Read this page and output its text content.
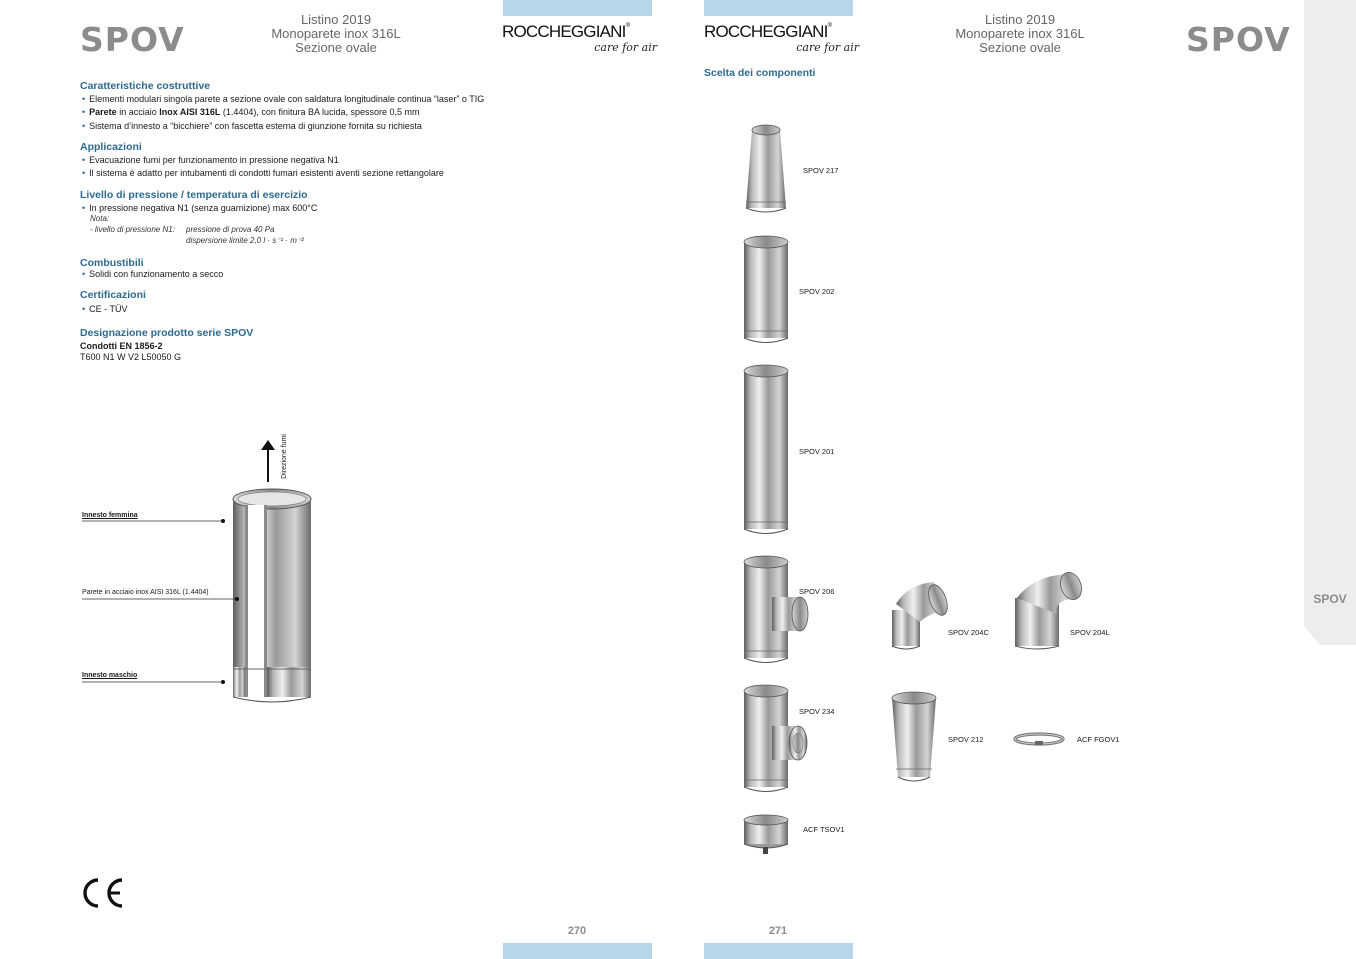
SPOV
Listino 2019
Monoparete inox 316L
Sezione ovale
ROCCHEGGIANI®
care for air
Caratteristiche costruttive
• Elementi modulari singola parete a sezione ovale con saldatura longitudinale continua “laser” o TIG
• Parete in acciaio Inox AISI 316L (1.4404), con finitura BA lucida, spessore 0,5 mm
• Sistema d’innesto a “bicchiere” con fascetta esterna di giunzione fornita su richiesta
Applicazioni
• Evacuazione fumi per funzionamento in pressione negativa N1
• Il sistema è adatto per intubamenti di condotti fumari esistenti aventi sezione rettangolare
Livello di pressione / temperatura di esercizio
• In pressione negativa N1 (senza guarnizione) max 600°C
Nota:
- livello di pressione N1: pressione di prova 40 Pa
dispersione limite 2,0 l · s⁻¹ · m⁻²
Combustibili
• Solidi con funzionamento a secco
Certificazioni
• CE - TÜV
Designazione prodotto serie SPOV
Condotti EN 1856-2
T600 N1 W V2 L50050 G
Direzione fumi
Innesto femmina
Parete in acciaio inox AISI 316L (1.4404)
Innesto maschio
270
ROCCHEGGIANI®
care for air
Listino 2019
Monoparete inox 316L
Sezione ovale	SPOV
Scelta dei componenti
SPOV 217
SPOV 202
SPOV 201
SPOV 206
SPOV 204C	SPOV 204L
SPOV 234
SPOV 212	ACF FGOV1
ACF TSOV1
271
SPOV
